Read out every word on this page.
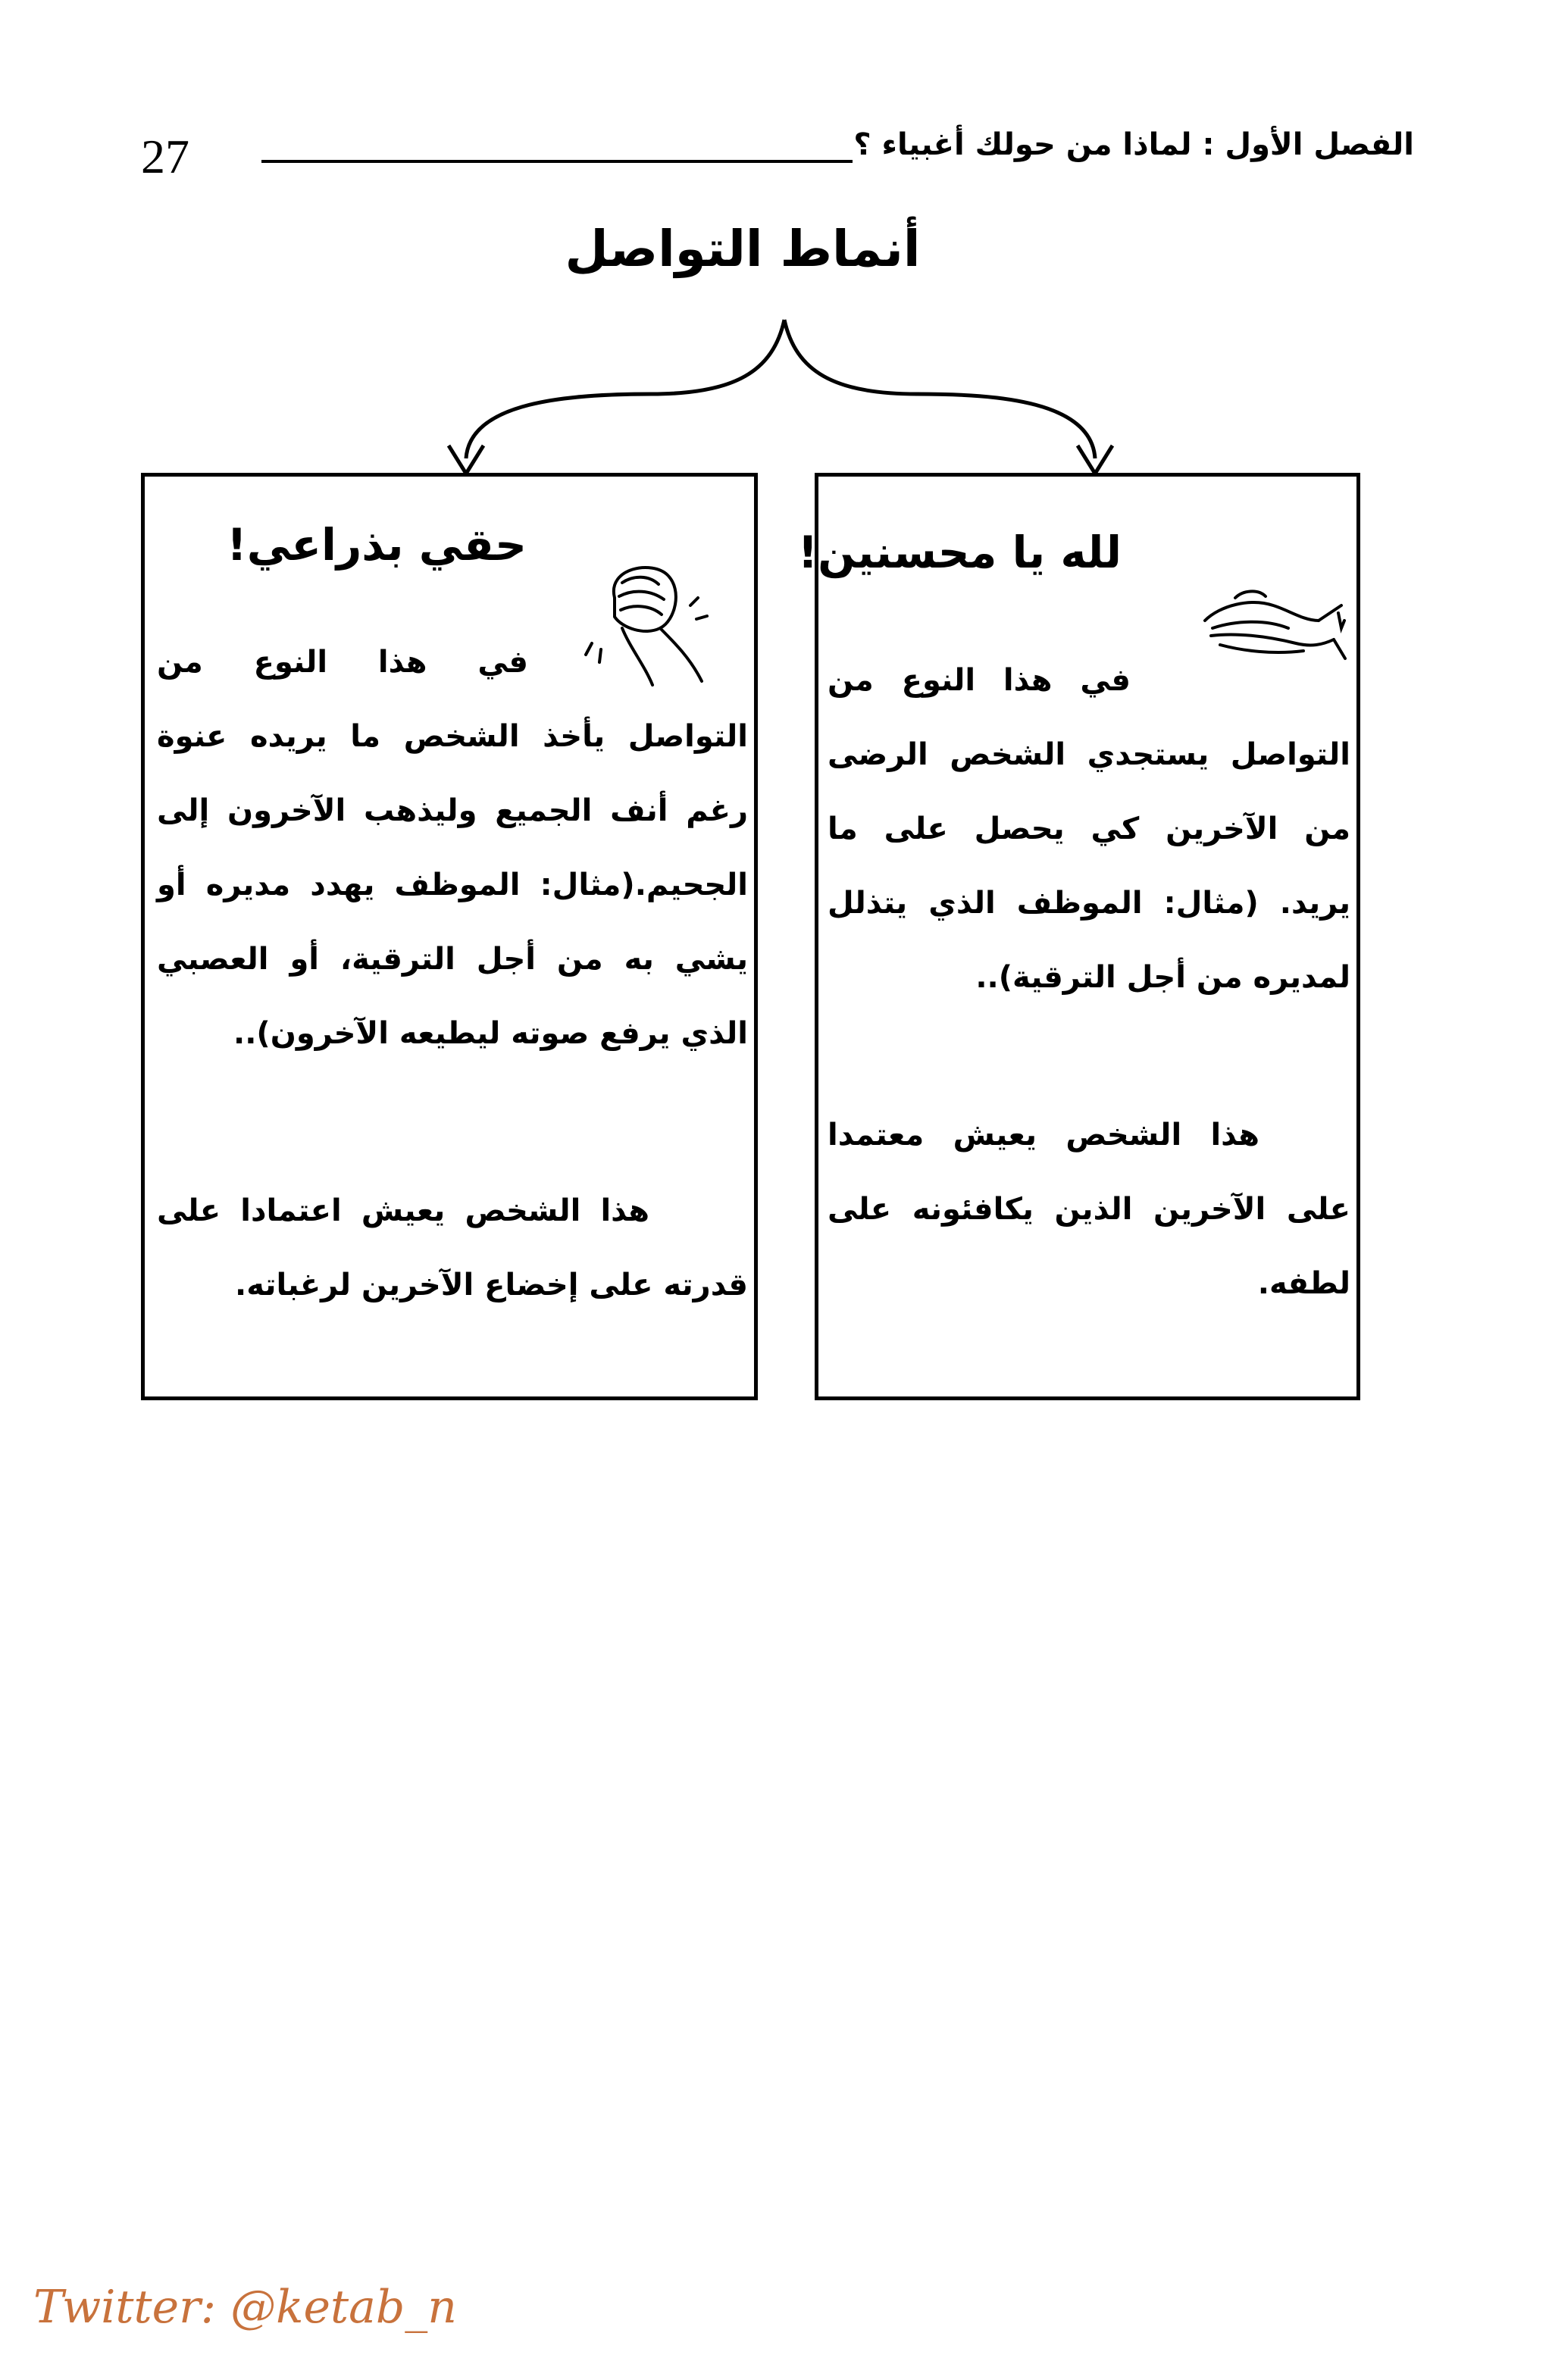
27	الفصل الأول : لماذا من حولك أغبياء ؟
أنماط التواصل
حقي بذراعي!
في هذا النوع من التواصل يأخذ الشخص ما يريده عنوة رغم أنف الجميع وليذهب الآخرون إلى الجحيم.(مثال: الموظف يهدد مديره أو يشي به من أجل الترقية، أو العصبي الذي يرفع صوته ليطيعه الآخرون)..
هذا الشخص يعيش اعتمادا على قدرته على إخضاع الآخرين لرغباته.
لله يا محسنين!
في هذا النوع من التواصل يستجدي الشخص الرضى من الآخرين كي يحصل على ما يريد. (مثال: الموظف الذي يتذلل لمديره من أجل الترقية)..
هذا الشخص يعيش معتمدا على الآخرين الذين يكافئونه على لطفه.
Twitter: @ketab_n
